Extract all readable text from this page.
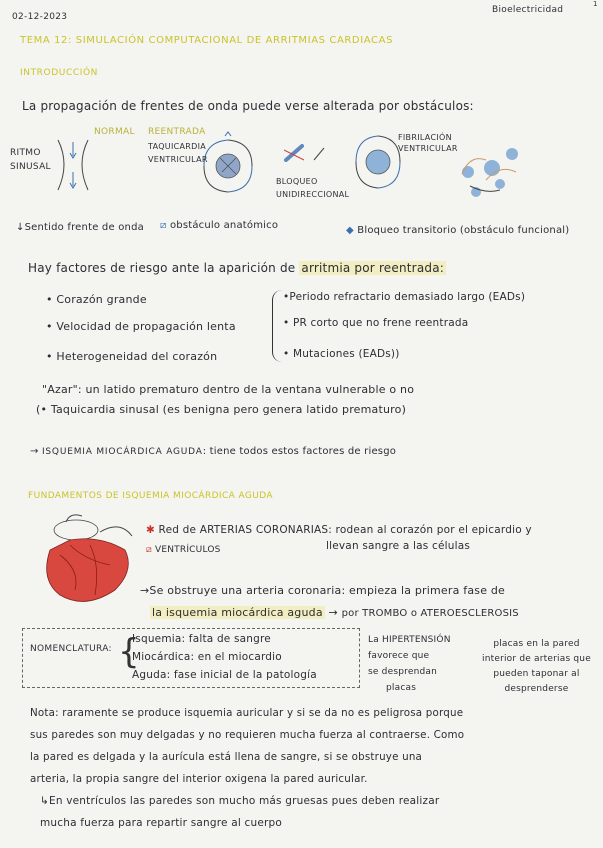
02-12-2023
Bioelectricidad
1
TEMA 12: SIMULACIÓN COMPUTACIONAL DE ARRITMIAS CARDIACAS
INTRODUCCIÓN
La propagación de frentes de onda puede verse alterada por obstáculos:
NORMAL REENTRADA
RITMO SINUSAL
TAQUICARDIA VENTRICULAR
BLOQUEO UNIDIRECCIONAL
FIBRILACIÓN VENTRICULAR
↓Sentido frente de onda ⧄ obstáculo anatómico	◆ Bloqueo transitorio (obstáculo funcional)
Hay factores de riesgo ante la aparición de arritmia por reentrada:
• Corazón grande
• Velocidad de propagación lenta
• Heterogeneidad del corazón
•Periodo refractario demasiado largo (EADs)
• PR corto que no frene reentrada
• Mutaciones (EADs))
"Azar": un latido prematuro dentro de la ventana vulnerable o no
(• Taquicardia sinusal (es benigna pero genera latido prematuro)
→ ISQUEMIA MIOCÁRDICA AGUDA: tiene todos estos factores de riesgo
FUNDAMENTOS DE ISQUEMIA MIOCÁRDICA AGUDA
✱ Red de ARTERIAS CORONARIAS: rodean al corazón por el epicardio y
llevan sangre a las células
⧄ VENTRÍCULOS
→Se obstruye una arteria coronaria: empieza la primera fase de
la isquemia miocárdica aguda → por TROMBO o ATEROESCLEROSIS
NOMENCLATURA: {
Isquemia: falta de sangre
Miocárdica: en el miocardio
Aguda: fase inicial de la patología
La HIPERTENSIÓN
favorece que
se desprendan
placas
placas en la pared
interior de arterias que
pueden taponar al
desprenderse
Nota: raramente se produce isquemia auricular y si se da no es peligrosa porque
sus paredes son muy delgadas y no requieren mucha fuerza al contraerse. Como
la pared es delgada y la aurícula está llena de sangre, si se obstruye una
arteria, la propia sangre del interior oxigena la pared auricular.
↳En ventrículos las paredes son mucho más gruesas pues deben realizar
mucha fuerza para repartir sangre al cuerpo
